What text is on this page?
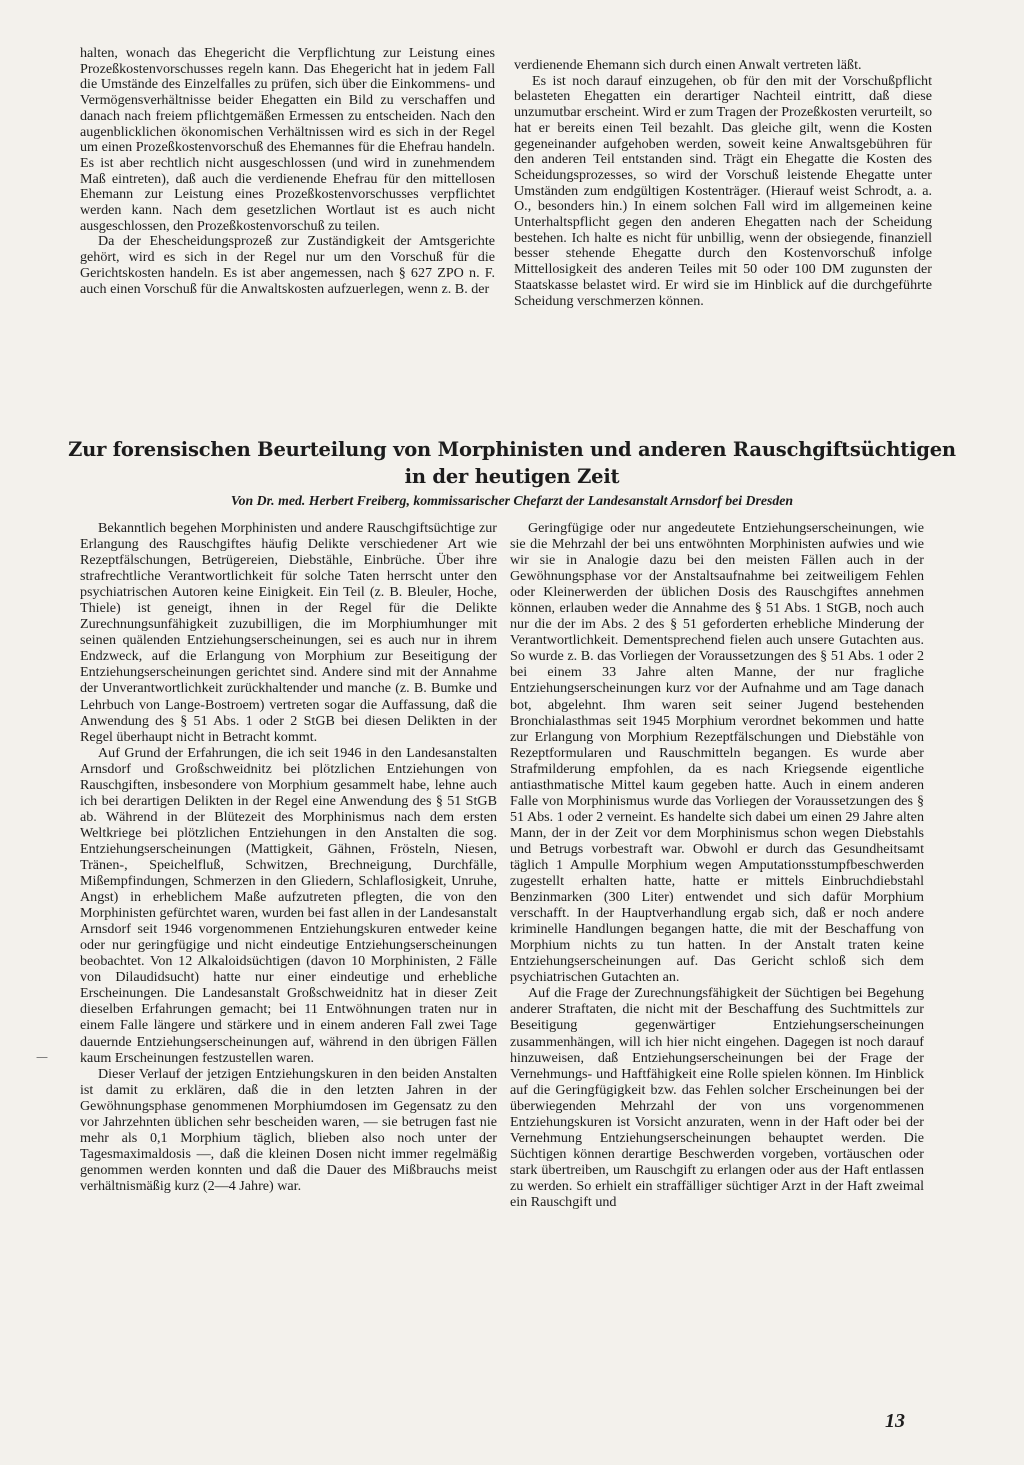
halten, wonach das Ehegericht die Verpflichtung zur Leistung eines Prozeßkostenvorschusses regeln kann. Das Ehegericht hat in jedem Fall die Umstände des Einzelfalles zu prüfen, sich über die Einkommens- und Vermögensverhältnisse beider Ehegatten ein Bild zu verschaffen und danach nach freiem pflichtgemäßen Ermessen zu entscheiden. Nach den augenblicklichen ökonomischen Verhältnissen wird es sich in der Regel um einen Prozeßkostenvorschuß des Ehemannes für die Ehefrau handeln. Es ist aber rechtlich nicht ausgeschlossen (und wird in zunehmendem Maß eintreten), daß auch die verdienende Ehefrau für den mittellosen Ehemann zur Leistung eines Prozeßkostenvorschusses verpflichtet werden kann. Nach dem gesetzlichen Wortlaut ist es auch nicht ausgeschlossen, den Prozeßkostenvorschuß zu teilen.

Da der Ehescheidungsprozeß zur Zuständigkeit der Amtsgerichte gehört, wird es sich in der Regel nur um den Vorschuß für die Gerichtskosten handeln. Es ist aber angemessen, nach § 627 ZPO n. F. auch einen Vorschuß für die Anwaltskosten aufzuerlegen, wenn z. B. der

verdienende Ehemann sich durch einen Anwalt vertreten läßt.

Es ist noch darauf einzugehen, ob für den mit der Vorschußpflicht belasteten Ehegatten ein derartiger Nachteil eintritt, daß diese unzumutbar erscheint. Wird er zum Tragen der Prozeßkosten verurteilt, so hat er bereits einen Teil bezahlt. Das gleiche gilt, wenn die Kosten gegeneinander aufgehoben werden, soweit keine Anwaltsgebühren für den anderen Teil entstanden sind. Trägt ein Ehegatte die Kosten des Scheidungsprozesses, so wird der Vorschuß leistende Ehegatte unter Umständen zum endgültigen Kostenträger. (Hierauf weist Schrodt, a. a. O., besonders hin.) In einem solchen Fall wird im allgemeinen keine Unterhaltspflicht gegen den anderen Ehegatten nach der Scheidung bestehen. Ich halte es nicht für unbillig, wenn der obsiegende, finanziell besser stehende Ehegatte durch den Kostenvorschuß infolge Mittellosigkeit des anderen Teiles mit 50 oder 100 DM zugunsten der Staatskasse belastet wird. Er wird sie im Hinblick auf die durchgeführte Scheidung verschmerzen können.

Zur forensischen Beurteilung von Morphinisten und anderen Rauschgiftsüchtigen
in der heutigen Zeit
Von Dr. med. Herbert Freiberg, kommissarischer Chefarzt der Landesanstalt Arnsdorf bei Dresden

Bekanntlich begehen Morphinisten und andere Rauschgiftsüchtige zur Erlangung des Rauschgiftes häufig Delikte verschiedener Art wie Rezeptfälschungen, Betrügereien, Diebstähle, Einbrüche. Über ihre strafrechtliche Verantwortlichkeit für solche Taten herrscht unter den psychiatrischen Autoren keine Einigkeit. Ein Teil (z. B. Bleuler, Hoche, Thiele) ist geneigt, ihnen in der Regel für die Delikte Zurechnungsunfähigkeit zuzubilligen, die im Morphiumhunger mit seinen quälenden Entziehungserscheinungen, sei es auch nur in ihrem Endzweck, auf die Erlangung von Morphium zur Beseitigung der Entziehungserscheinungen gerichtet sind. Andere sind mit der Annahme der Unverantwortlichkeit zurückhaltender und manche (z. B. Bumke und Lehrbuch von Lange-Bostroem) vertreten sogar die Auffassung, daß die Anwendung des § 51 Abs. 1 oder 2 StGB bei diesen Delikten in der Regel überhaupt nicht in Betracht kommt.

Auf Grund der Erfahrungen, die ich seit 1946 in den Landesanstalten Arnsdorf und Großschweidnitz bei plötzlichen Entziehungen von Rauschgiften, insbesondere von Morphium gesammelt habe, lehne auch ich bei derartigen Delikten in der Regel eine Anwendung des § 51 StGB ab. Während in der Blütezeit des Morphinismus nach dem ersten Weltkriege bei plötzlichen Entziehungen in den Anstalten die sog. Entziehungserscheinungen (Mattigkeit, Gähnen, Frösteln, Niesen, Tränen-, Speichelfluß, Schwitzen, Brechneigung, Durchfälle, Mißempfindungen, Schmerzen in den Gliedern, Schlaflosigkeit, Unruhe, Angst) in erheblichem Maße aufzutreten pflegten, die von den Morphinisten gefürchtet waren, wurden bei fast allen in der Landesanstalt Arnsdorf seit 1946 vorgenommenen Entziehungskuren entweder keine oder nur geringfügige und nicht eindeutige Entziehungserscheinungen beobachtet. Von 12 Alkaloidsüchtigen (davon 10 Morphinisten, 2 Fälle von Dilaudidsucht) hatte nur einer eindeutige und erhebliche Erscheinungen. Die Landesanstalt Großschweidnitz hat in dieser Zeit dieselben Erfahrungen gemacht; bei 11 Entwöhnungen traten nur in einem Falle längere und stärkere und in einem anderen Fall zwei Tage dauernde Entziehungserscheinungen auf, während in den übrigen Fällen kaum Erscheinungen festzustellen waren.

Dieser Verlauf der jetzigen Entziehungskuren in den beiden Anstalten ist damit zu erklären, daß die in den letzten Jahren in der Gewöhnungsphase genommenen Morphiumdosen im Gegensatz zu den vor Jahrzehnten üblichen sehr bescheiden waren, — sie betrugen fast nie mehr als 0,1 Morphium täglich, blieben also noch unter der Tagesmaximaldosis —, daß die kleinen Dosen nicht immer regelmäßig genommen werden konnten und daß die Dauer des Mißbrauchs meist verhältnismäßig kurz (2—4 Jahre) war.

Geringfügige oder nur angedeutete Entziehungserscheinungen, wie sie die Mehrzahl der bei uns entwöhnten Morphinisten aufwies und wie wir sie in Analogie dazu bei den meisten Fällen auch in der Gewöhnungsphase vor der Anstaltsaufnahme bei zeitweiligem Fehlen oder Kleinerwerden der üblichen Dosis des Rauschgiftes annehmen können, erlauben weder die Annahme des § 51 Abs. 1 StGB, noch auch nur die der im Abs. 2 des § 51 geforderten erhebliche Minderung der Verantwortlichkeit. Dementsprechend fielen auch unsere Gutachten aus. So wurde z. B. das Vorliegen der Voraussetzungen des § 51 Abs. 1 oder 2 bei einem 33 Jahre alten Manne, der nur fragliche Entziehungserscheinungen kurz vor der Aufnahme und am Tage danach bot, abgelehnt. Ihm waren seit seiner Jugend bestehenden Bronchialasthmas seit 1945 Morphium verordnet bekommen und hatte zur Erlangung von Morphium Rezeptfälschungen und Diebstähle von Rezeptformularen und Rauschmitteln begangen. Es wurde aber Strafmilderung empfohlen, da es nach Kriegsende eigentliche antiasthmatische Mittel kaum gegeben hatte. Auch in einem anderen Falle von Morphinismus wurde das Vorliegen der Voraussetzungen des § 51 Abs. 1 oder 2 verneint. Es handelte sich dabei um einen 29 Jahre alten Mann, der in der Zeit vor dem Morphinismus schon wegen Diebstahls und Betrugs vorbestraft war. Obwohl er durch das Gesundheitsamt täglich 1 Ampulle Morphium wegen Amputationsstumpfbeschwerden zugestellt erhalten hatte, hatte er mittels Einbruchdiebstahl Benzinmarken (300 Liter) entwendet und sich dafür Morphium verschafft. In der Hauptverhandlung ergab sich, daß er noch andere kriminelle Handlungen begangen hatte, die mit der Beschaffung von Morphium nichts zu tun hatten. In der Anstalt traten keine Entziehungserscheinungen auf. Das Gericht schloß sich dem psychiatrischen Gutachten an.

Auf die Frage der Zurechnungsfähigkeit der Süchtigen bei Begehung anderer Straftaten, die nicht mit der Beschaffung des Suchtmittels zur Beseitigung gegenwärtiger Entziehungserscheinungen zusammenhängen, will ich hier nicht eingehen. Dagegen ist noch darauf hinzuweisen, daß Entziehungserscheinungen bei der Frage der Vernehmungs- und Haftfähigkeit eine Rolle spielen können. Im Hinblick auf die Geringfügigkeit bzw. das Fehlen solcher Erscheinungen bei der überwiegenden Mehrzahl der von uns vorgenommenen Entziehungskuren ist Vorsicht anzuraten, wenn in der Haft oder bei der Vernehmung Entziehungserscheinungen behauptet werden. Die Süchtigen können derartige Beschwerden vorgeben, vortäuschen oder stark übertreiben, um Rauschgift zu erlangen oder aus der Haft entlassen zu werden. So erhielt ein straffälliger süchtiger Arzt in der Haft zweimal ein Rauschgift und

13
—
